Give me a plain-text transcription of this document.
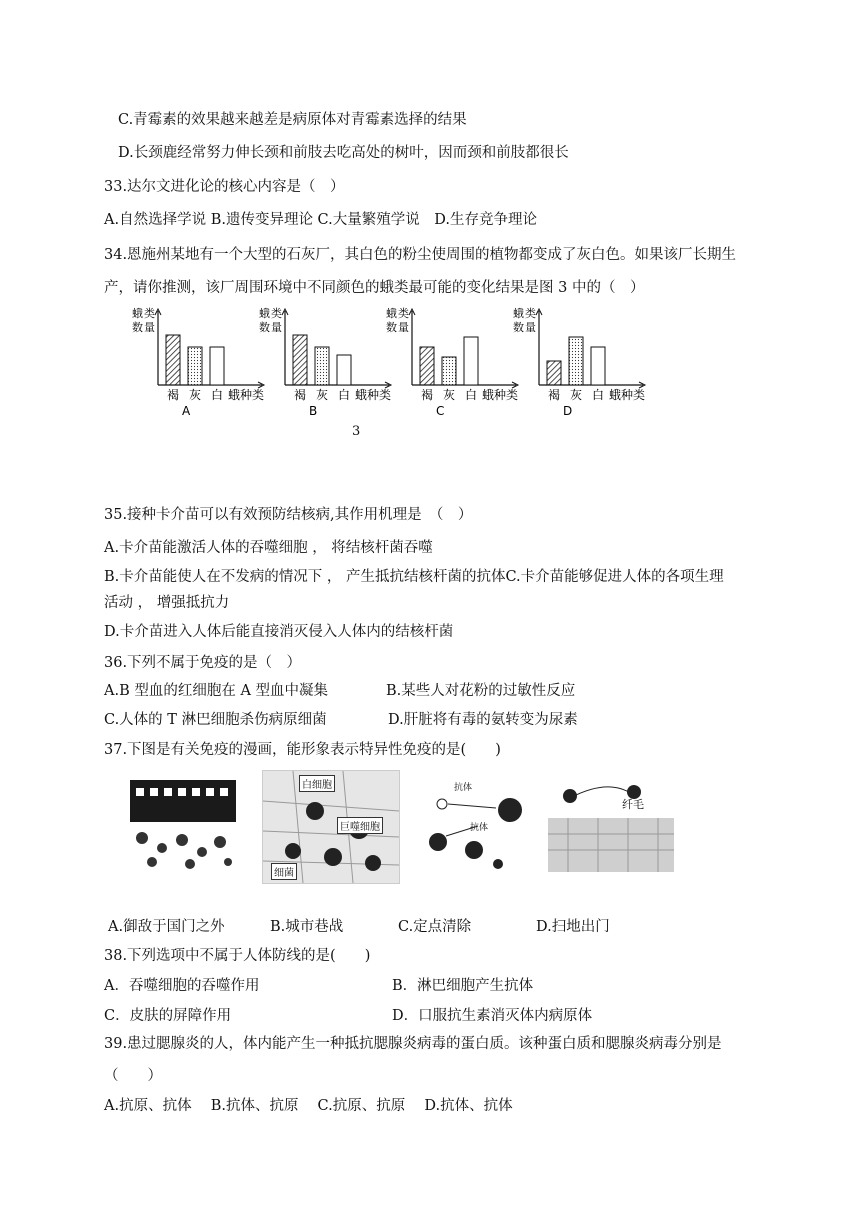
C.青霉素的效果越来越差是病原体对青霉素选择的结果
D.长颈鹿经常努力伸长颈和前肢去吃高处的树叶，因而颈和前肢都很长
33.达尔文进化论的核心内容是（　）
A.自然选择学说 B.遗传变异理论 C.大量繁殖学说　D.生存竞争理论
34.恩施州某地有一个大型的石灰厂，其白色的粉尘使周围的植物都变成了灰白色。如果该厂长期生
产，请你推测，该厂周围环境中不同颜色的蛾类最可能的变化结果是图 3 中的（　）
蛾 类
数 量
褐 灰 白 蛾种类
A
蛾 类
数 量
褐 灰 白 蛾种类
B
蛾 类
数 量
褐 灰 白 蛾种类
C
蛾 类
数 量
褐 灰 白 蛾种类
D
3
35.接种卡介苗可以有效预防结核病,其作用机理是　（　）
A.卡介苗能激活人体的吞噬细胞 ， 将结核杆菌吞噬
B.卡介苗能使人在不发病的情况下 ， 产生抵抗结核杆菌的抗体C.卡介苗能够促进人体的各项生理
活动 ， 增强抵抗力
D.卡介苗进入人体后能直接消灭侵入人体内的结核杆菌
36.下列不属于免疫的是（　）
A.B 型血的红细胞在 A 型血中凝集	B.某些人对花粉的过敏性反应
C.人体的 T 淋巴细胞杀伤病原细菌	D.肝脏将有毒的氨转变为尿素
37.下图是有关免疫的漫画，能形象表示特异性免疫的是(　　)
白细胞
巨噬细胞
细菌
抗体
抗体
纤毛
A.御敌于国门之外	B.城市巷战	C.定点清除	D.扫地出门
38.下列选项中不属于人体防线的是(　　)
A．吞噬细胞的吞噬作用	B．淋巴细胞产生抗体
C．皮肤的屏障作用	D．口服抗生素消灭体内病原体
39.患过腮腺炎的人，体内能产生一种抵抗腮腺炎病毒的蛋白质。该种蛋白质和腮腺炎病毒分别是
（　　）
A.抗原、抗体　 B.抗体、抗原　 C.抗原、抗原　 D.抗体、抗体
